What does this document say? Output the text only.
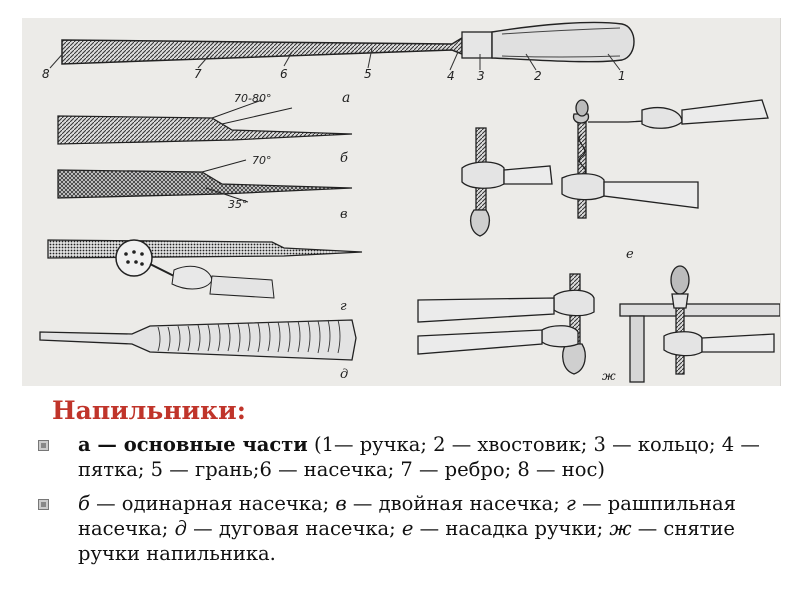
8	7	6	5	4 3	2	1
а
70-80°
б
70°
35°
в
г
д
е
ж
Напильники:
а — основные части (1— ручка; 2 — хвостовик; 3 — кольцо; 4 — пятка; 5 — грань;6 — насечка; 7 — ребро; 8 — нос)
б — одинарная насечка; в — двойная насечка; г — рашпильная насечка; д — дуговая насечка; е — насадка ручки; ж — снятие ручки напильника.
